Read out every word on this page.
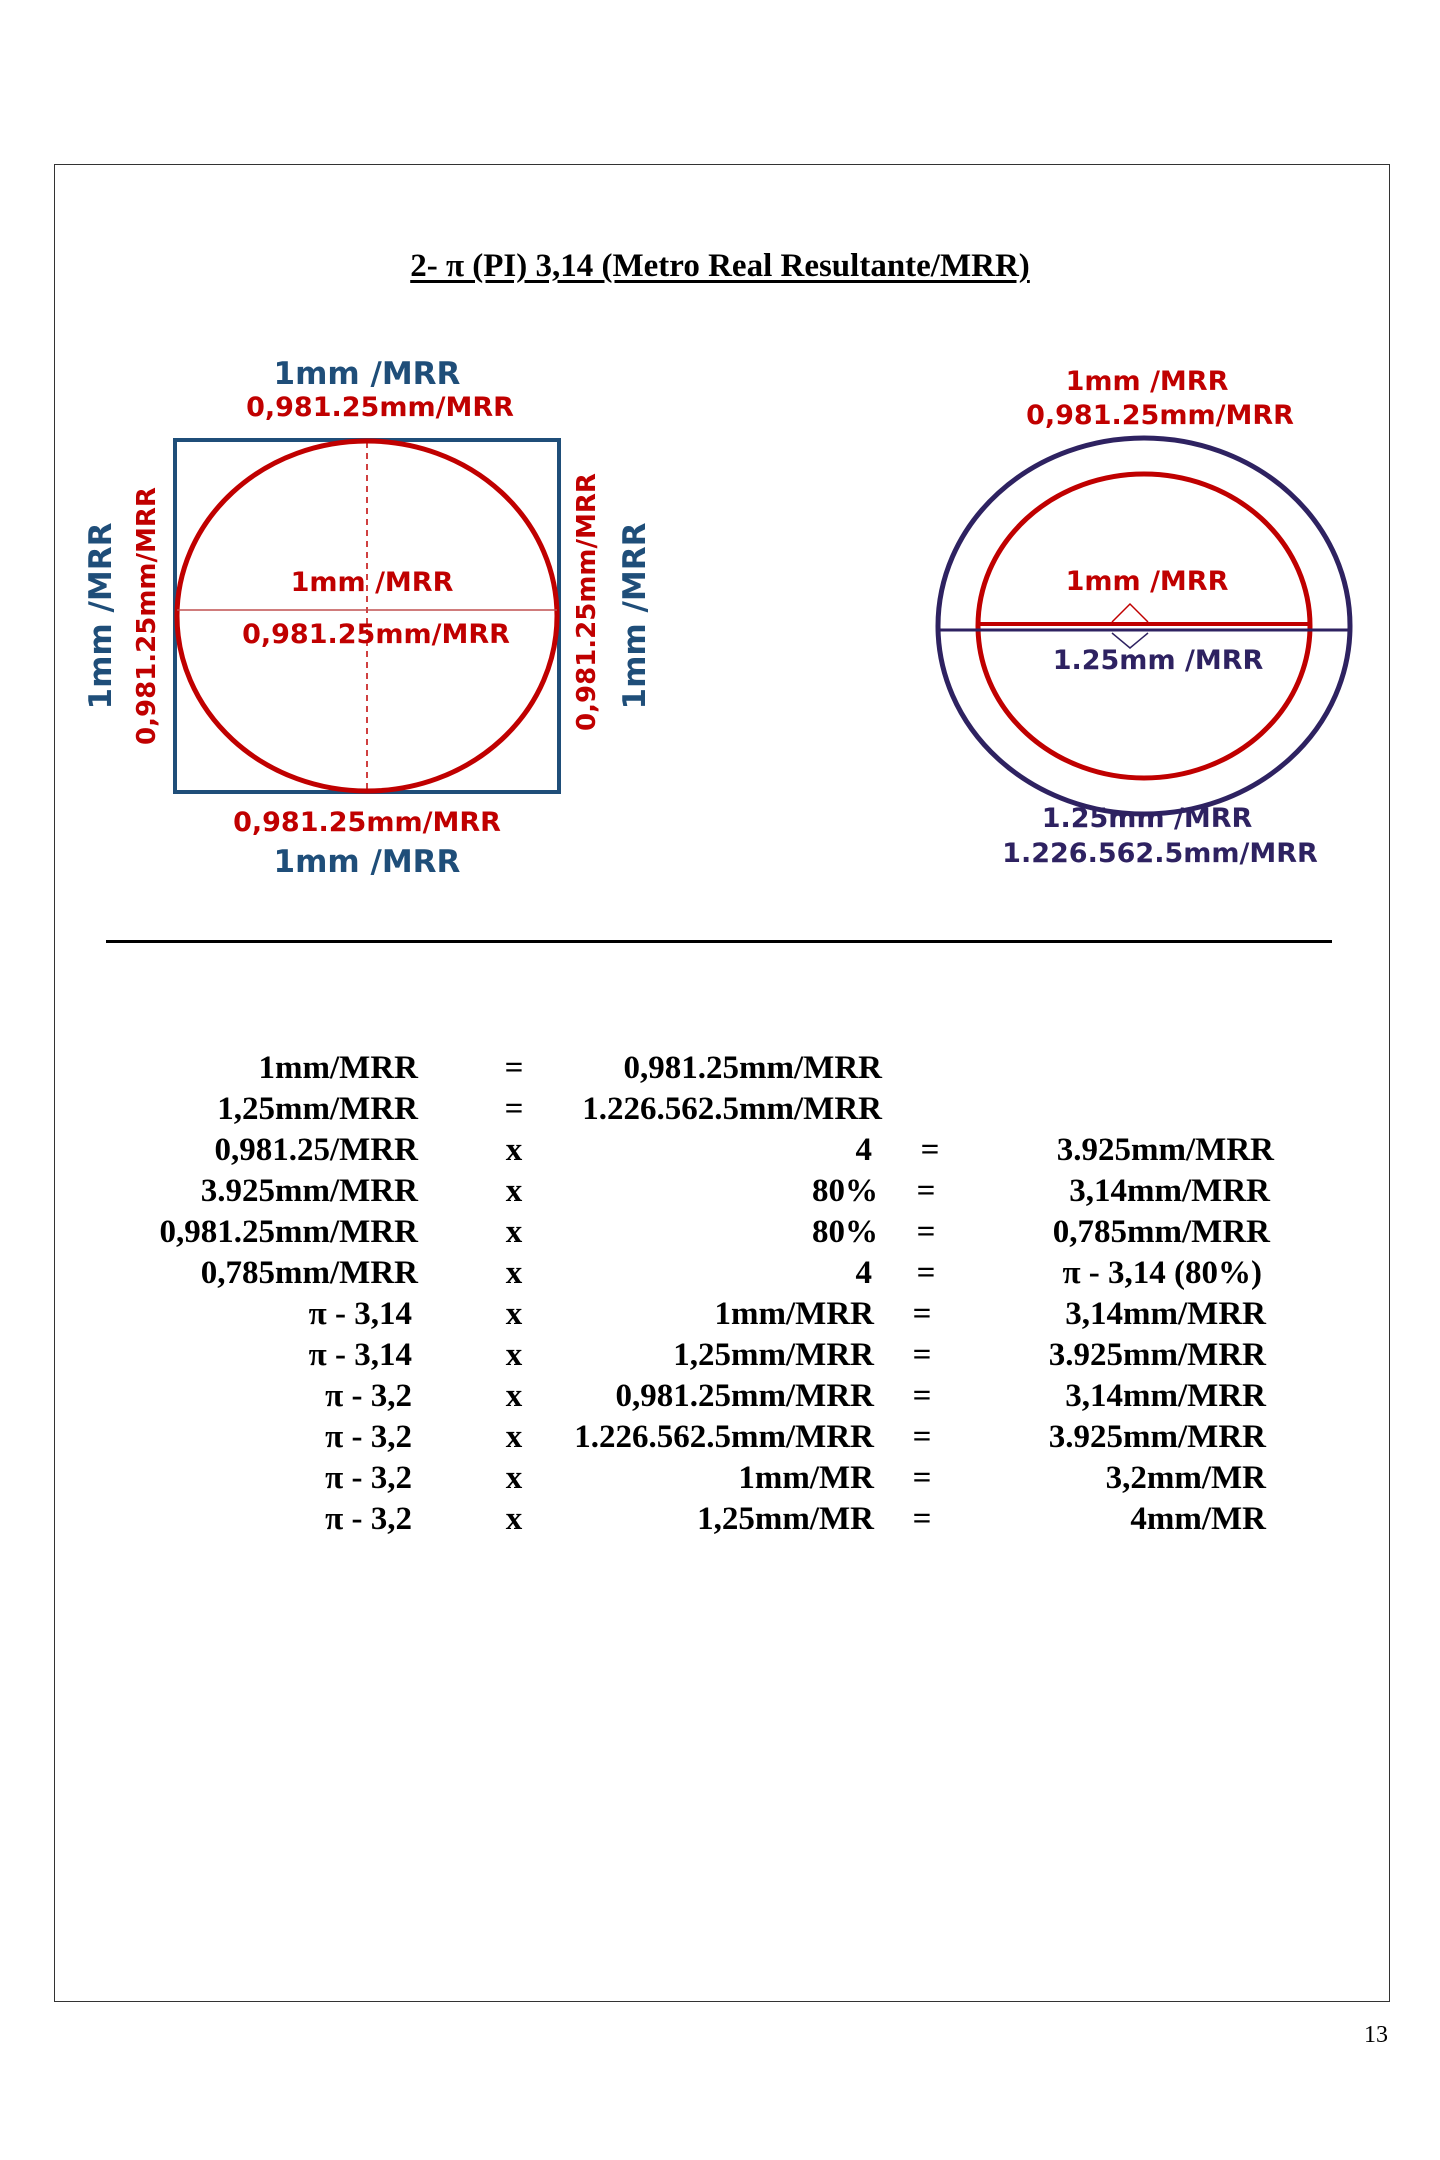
2- π (PI) 3,14 (Metro Real Resultante/MRR)
1mm /MRR
0,981.25mm/MRR
1mm /MRR
0,981.25mm/MRR
0,981.25mm/MRR
1mm /MRR
1mm /MRR 0,981.25mm/MRR	0,981.25mm/MRR 1mm /MRR
1mm /MRR
0,981.25mm/MRR
1mm /MRR
1.25mm /MRR
1.25mm /MRR
1.226.562.5mm/MRR
1mm/MRR	=	0,981.25mm/MRR
1,25mm/MRR	= 1.226.562.5mm/MRR
0,981.25/MRR	x	4 =	3.925mm/MRR
3.925mm/MRR	x	80% =	3,14mm/MRR
0,981.25mm/MRR	x	80% =	0,785mm/MRR
0,785mm/MRR	x	4 =	π - 3,14 (80%)
π - 3,14	x	1mm/MRR =	3,14mm/MRR
π - 3,14	x	1,25mm/MRR =	3.925mm/MRR
π - 3,2	x	0,981.25mm/MRR =	3,14mm/MRR
π - 3,2	x 1.226.562.5mm/MRR =	3.925mm/MRR
π - 3,2	x	1mm/MR =	3,2mm/MR
π - 3,2	x	1,25mm/MR =	4mm/MR
13
